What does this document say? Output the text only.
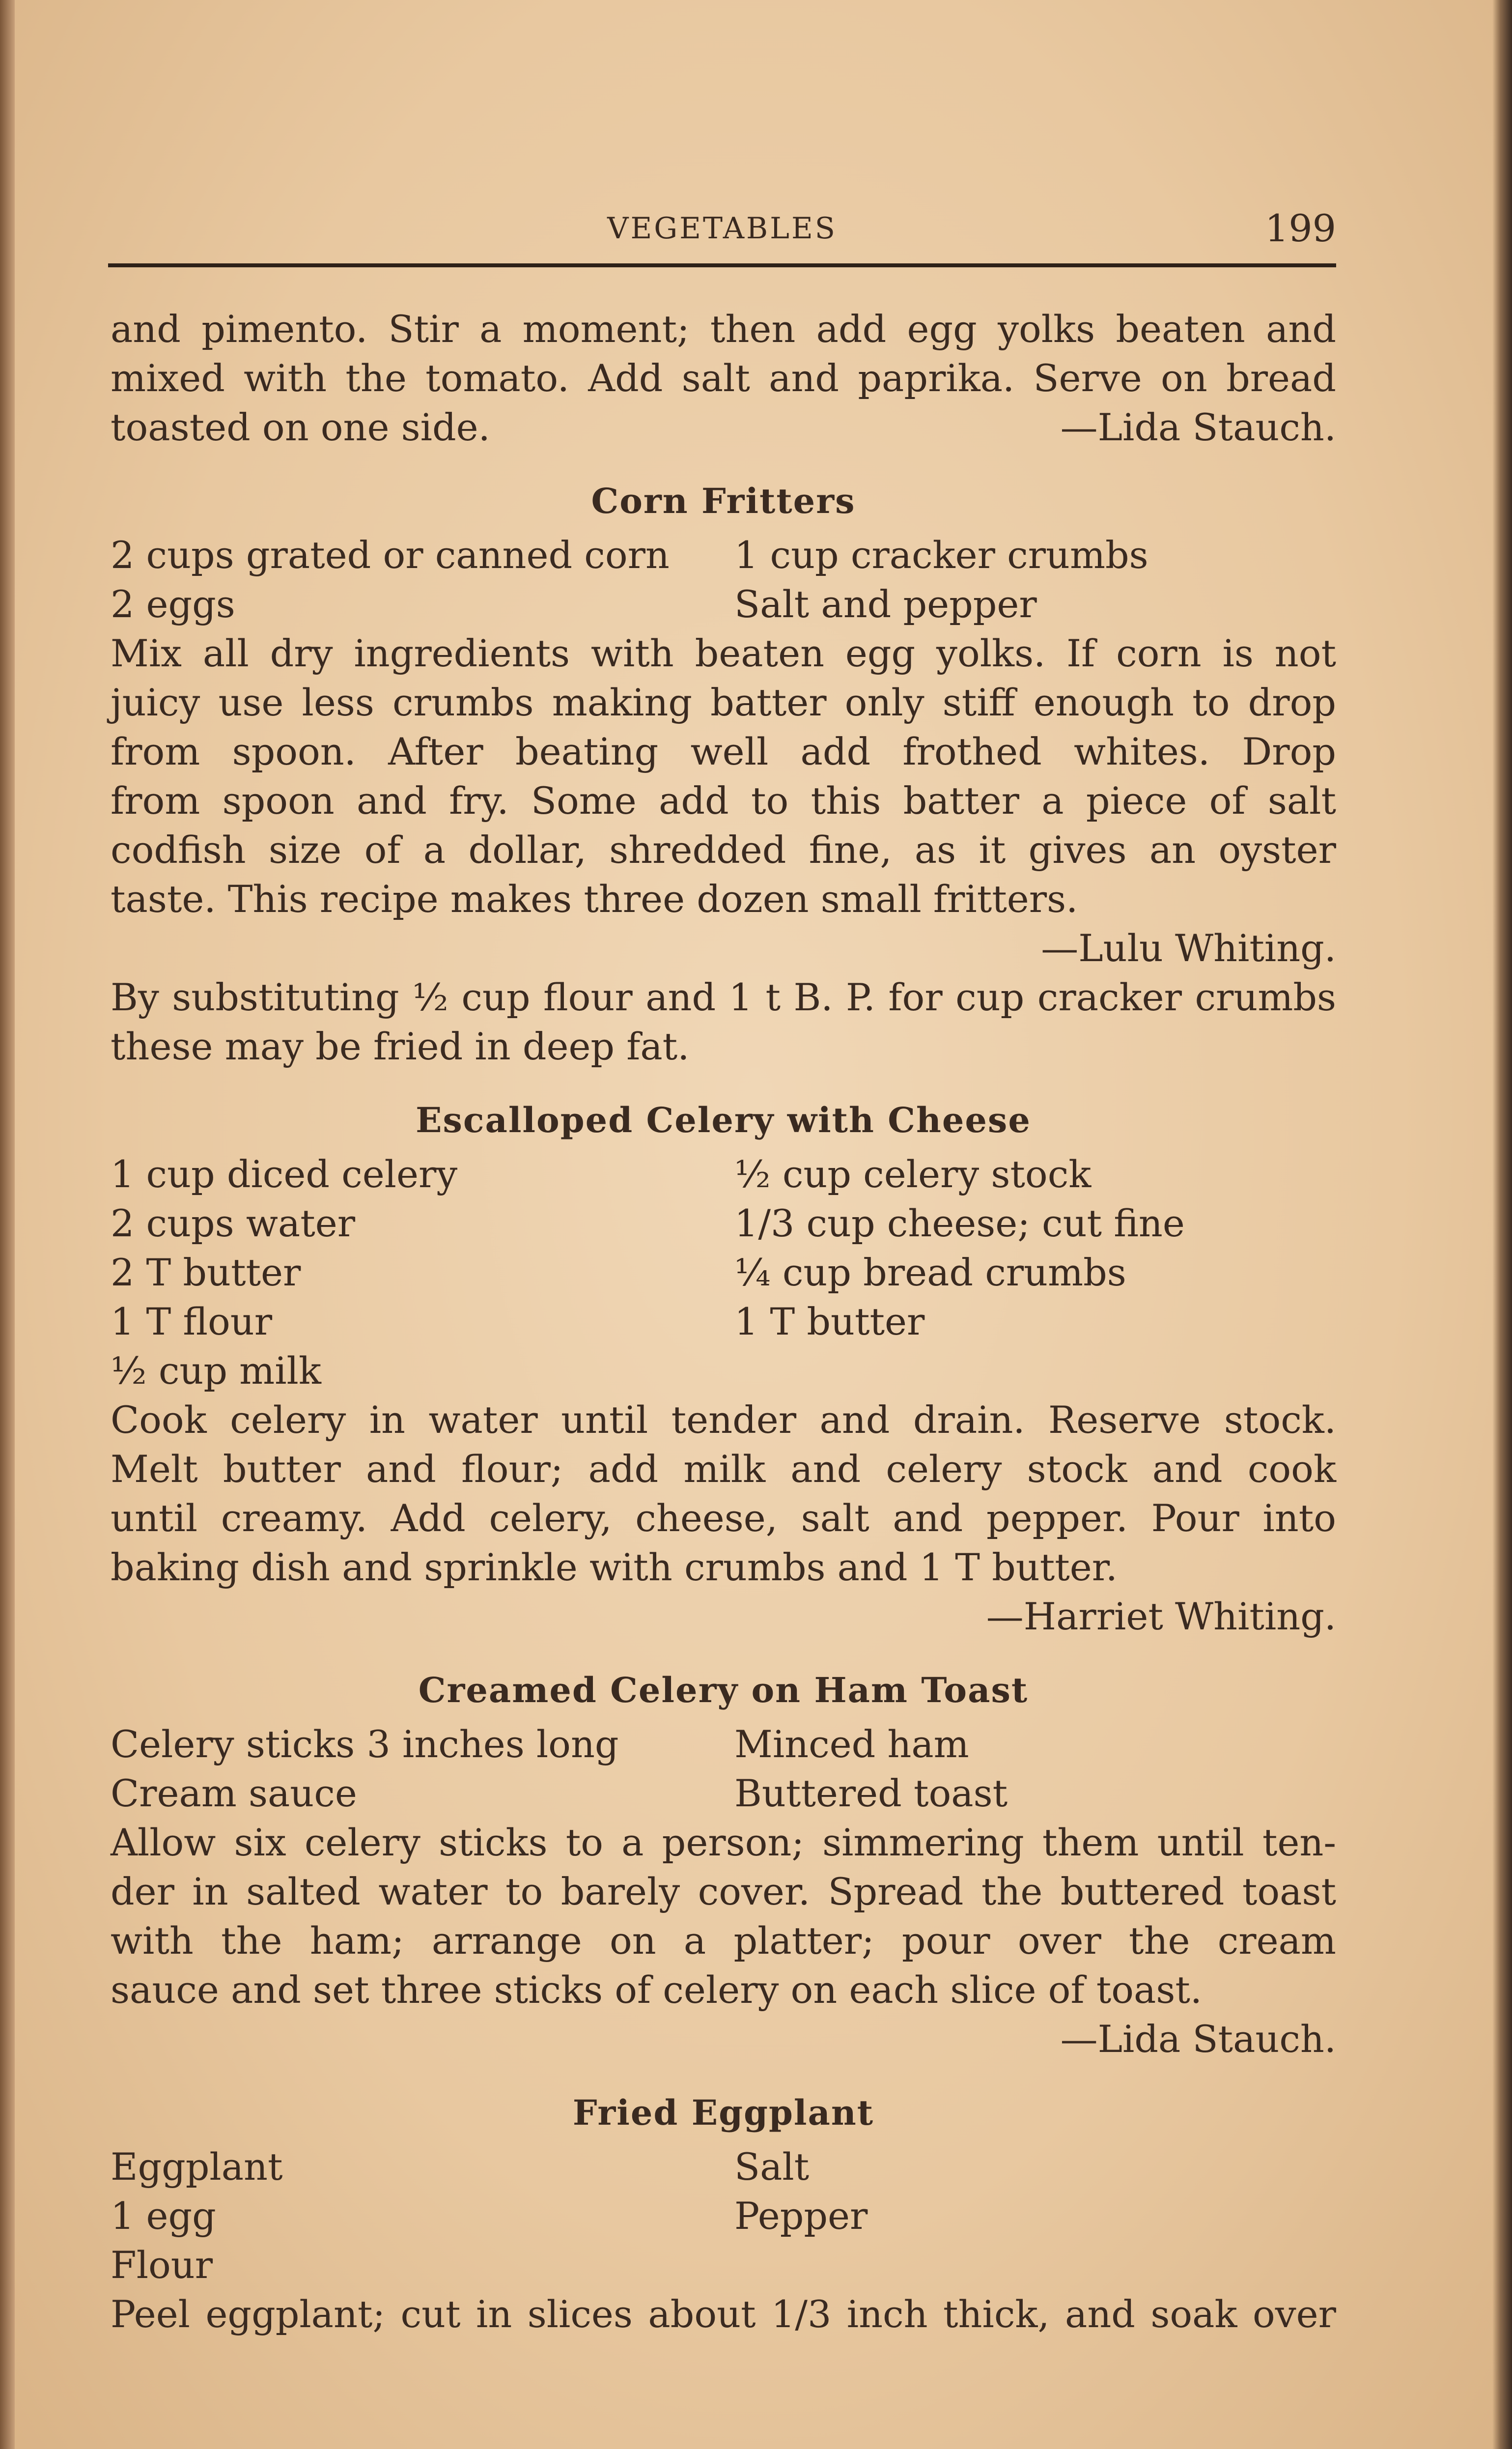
VEGETABLES	199
and pimento. Stir a moment; then add egg yolks beaten and
mixed with the tomato. Add salt and paprika. Serve on bread
toasted on one side.	—Lida Stauch.
Corn Fritters
2 cups grated or canned corn	1 cup cracker crumbs
2 eggs	Salt and pepper
Mix all dry ingredients with beaten egg yolks. If corn is not
juicy use less crumbs making batter only stiff enough to drop
from spoon. After beating well add frothed whites. Drop
from spoon and fry. Some add to this batter a piece of salt
codfish size of a dollar, shredded fine, as it gives an oyster
taste. This recipe makes three dozen small fritters.
—Lulu Whiting.
By substituting ½ cup flour and 1 t B. P. for cup cracker crumbs
these may be fried in deep fat.
Escalloped Celery with Cheese
1 cup diced celery	½ cup celery stock
2 cups water	1/3 cup cheese; cut fine
2 T butter	¼ cup bread crumbs
1 T flour	1 T butter
½ cup milk
Cook celery in water until tender and drain. Reserve stock.
Melt butter and flour; add milk and celery stock and cook
until creamy. Add celery, cheese, salt and pepper. Pour into
baking dish and sprinkle with crumbs and 1 T butter.
—Harriet Whiting.
Creamed Celery on Ham Toast
Celery sticks 3 inches long	Minced ham
Cream sauce	Buttered toast
Allow six celery sticks to a person; simmering them until ten-
der in salted water to barely cover. Spread the buttered toast
with the ham; arrange on a platter; pour over the cream
sauce and set three sticks of celery on each slice of toast.
—Lida Stauch.
Fried Eggplant
Eggplant	Salt
1 egg	Pepper
Flour
Peel eggplant; cut in slices about 1/3 inch thick, and soak over
